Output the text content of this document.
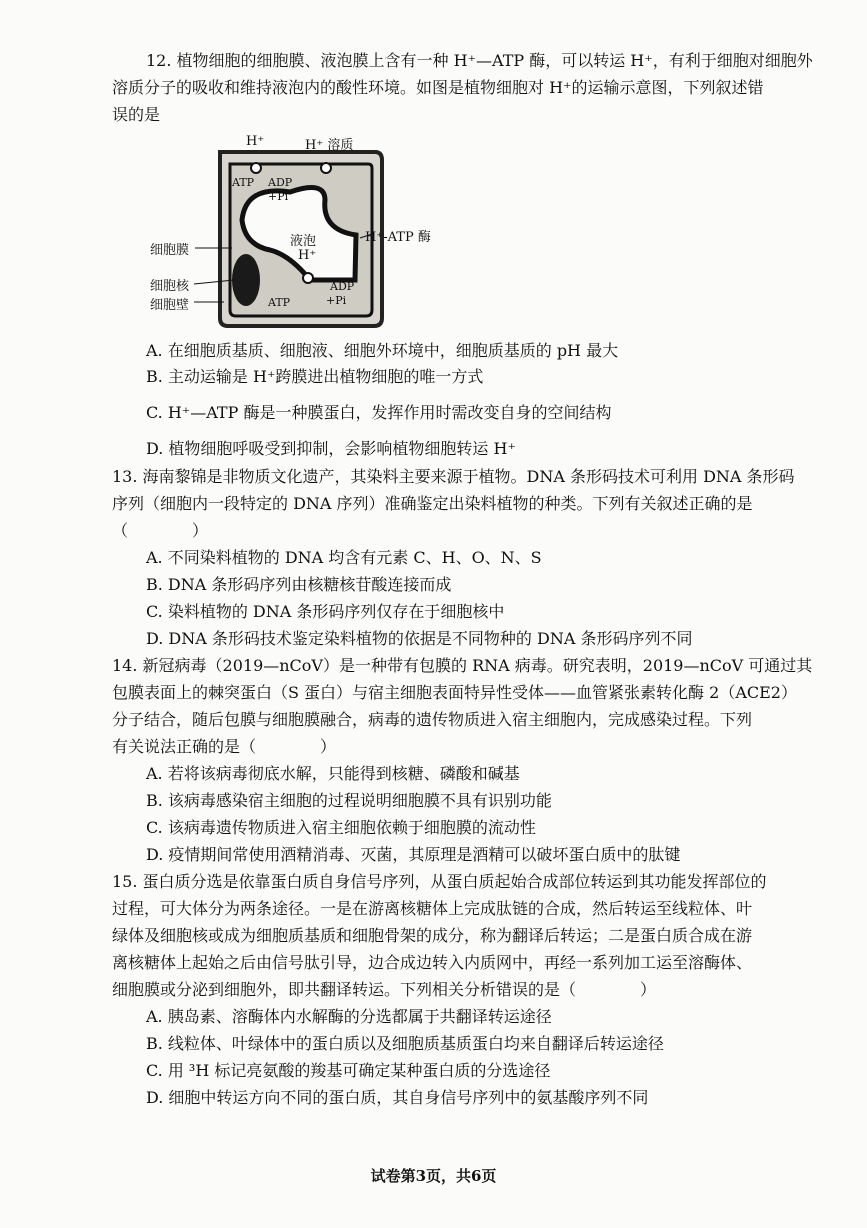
12. 植物细胞的细胞膜、液泡膜上含有一种 H⁺—ATP 酶，可以转运 H⁺，有利于细胞对细胞外
溶质分子的吸收和维持液泡内的酸性环境。如图是植物细胞对 H⁺的运输示意图，下列叙述错
误的是
H⁺	H⁺ 溶质
ATP ADP
+Pi
液泡
H⁺
H⁺-ATP 酶
细胞膜
细胞核
细胞壁	ATP
ADP
+Pi
A. 在细胞质基质、细胞液、细胞外环境中，细胞质基质的 pH 最大
B. 主动运输是 H⁺跨膜进出植物细胞的唯一方式
C. H⁺—ATP 酶是一种膜蛋白，发挥作用时需改变自身的空间结构
D. 植物细胞呼吸受到抑制，会影响植物细胞转运 H⁺
13. 海南黎锦是非物质文化遗产，其染料主要来源于植物。DNA 条形码技术可利用 DNA 条形码
序列（细胞内一段特定的 DNA 序列）准确鉴定出染料植物的种类。下列有关叙述正确的是
（　　　　）
A. 不同染料植物的 DNA 均含有元素 C、H、O、N、S
B. DNA 条形码序列由核糖核苷酸连接而成
C. 染料植物的 DNA 条形码序列仅存在于细胞核中
D. DNA 条形码技术鉴定染料植物的依据是不同物种的 DNA 条形码序列不同
14. 新冠病毒（2019—nCoV）是一种带有包膜的 RNA 病毒。研究表明，2019—nCoV 可通过其
包膜表面上的棘突蛋白（S 蛋白）与宿主细胞表面特异性受体——血管紧张素转化酶 2（ACE2）
分子结合，随后包膜与细胞膜融合，病毒的遗传物质进入宿主细胞内，完成感染过程。下列
有关说法正确的是（　　　　）
A. 若将该病毒彻底水解，只能得到核糖、磷酸和碱基
B. 该病毒感染宿主细胞的过程说明细胞膜不具有识别功能
C. 该病毒遗传物质进入宿主细胞依赖于细胞膜的流动性
D. 疫情期间常使用酒精消毒、灭菌，其原理是酒精可以破坏蛋白质中的肽键
15. 蛋白质分选是依靠蛋白质自身信号序列，从蛋白质起始合成部位转运到其功能发挥部位的
过程，可大体分为两条途径。一是在游离核糖体上完成肽链的合成，然后转运至线粒体、叶
绿体及细胞核或成为细胞质基质和细胞骨架的成分，称为翻译后转运；二是蛋白质合成在游
离核糖体上起始之后由信号肽引导，边合成边转入内质网中，再经一系列加工运至溶酶体、
细胞膜或分泌到细胞外，即共翻译转运。下列相关分析错误的是（　　　　）
A. 胰岛素、溶酶体内水解酶的分选都属于共翻译转运途径
B. 线粒体、叶绿体中的蛋白质以及细胞质基质蛋白均来自翻译后转运途径
C. 用 ³H 标记亮氨酸的羧基可确定某种蛋白质的分选途径
D. 细胞中转运方向不同的蛋白质，其自身信号序列中的氨基酸序列不同
试卷第3页，共6页
